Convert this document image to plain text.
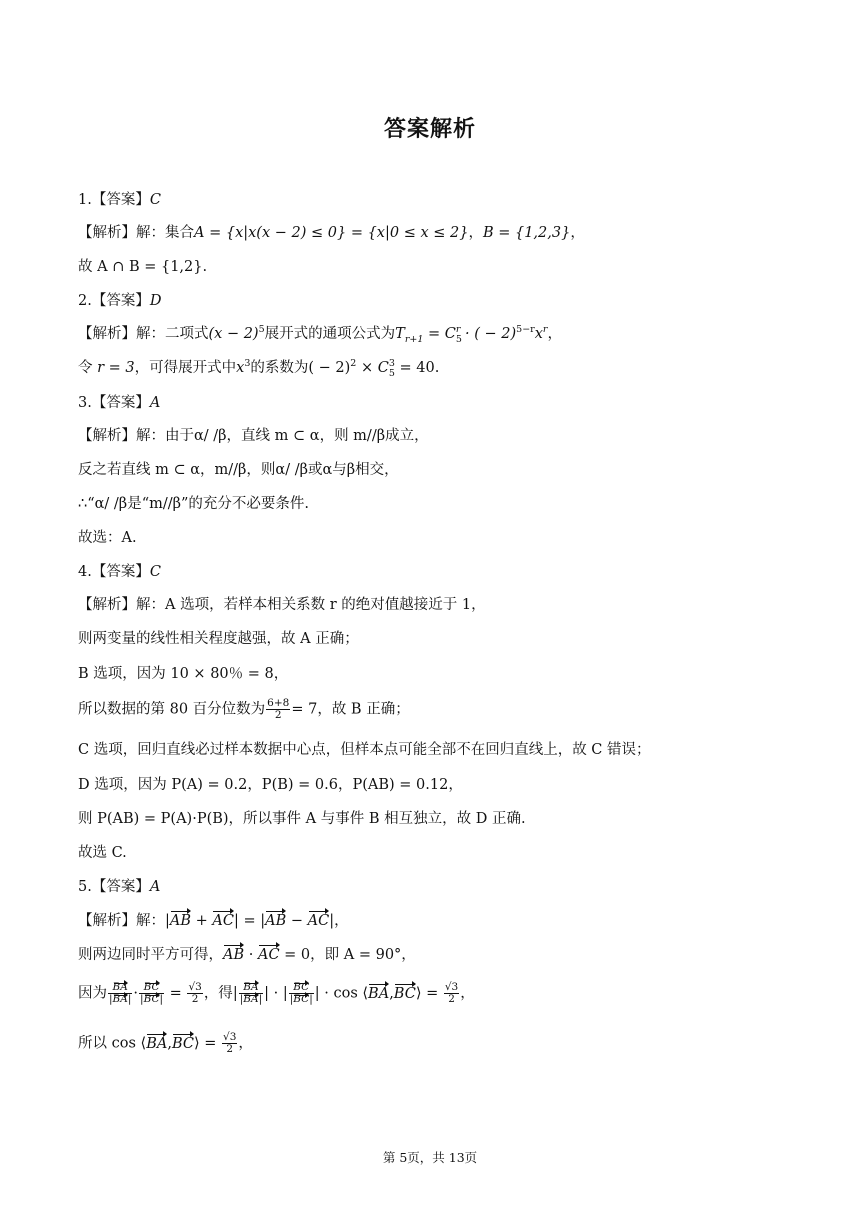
答案解析
1.【答案】C
【解析】解：集合A = {x|x(x − 2) ≤ 0} = {x|0 ≤ x ≤ 2}，B = {1,2,3}，
故 A ∩ B = {1,2}.
2.【答案】D
【解析】解：二项式$(x - 2)^5$展开式的通项公式为$T_{r+1} = C_5^r$ · ( − $2)^{5-r}x^r$，
令 r = 3，可得展开式中$x^3$的系数为( − $2)^2 \times C_5^3 = 40$.
3.【答案】A
【解析】解：由于α/ /β，直线 m ⊂ α，则 m//β成立，
反之若直线 m ⊂ α，m//β，则α/ /β或α与β相交，
∴“α/ /β是“m//β”的充分不必要条件.
故选：A.
4.【答案】C
【解析】解：A 选项，若样本相关系数 r 的绝对值越接近于 1，
则两变量的线性相关程度越强，故 A 正确；
B 选项，因为 10 × 80％ = 8，
所以数据的第 80 百分位数为 $\frac{6+8}{2} = 7$，故 B 正确；
C 选项，回归直线必过样本数据中心点，但样本点可能全部不在回归直线上，故 C 错误；
D 选项，因为 P(A) = 0.2，P(B) = 0.6，P(AB) = 0.12，
则 P(AB) = P(A)·P(B)，所以事件 A 与事件 B 相互独立，故 D 正确.
故选 C.
5.【答案】A
【解析】解：|AB + AC| = |AB − AC|，
则两边同时平方可得，AB · AC = 0，即 A = 90°，
因为 $\frac{BA}{|BA|} \cdot \frac{BC}{|BC|} = \frac{√3}{2}$ ，得| $\frac{BA}{|BA|}$ | · | $\frac{BC}{|BC|}$ | · cos ⟨BA,BC⟩ = $\frac{√3}{2}$ ，
所以 cos ⟨BA,BC⟩ = $\frac{√3}{2}$ ，
第 5页，共 13页
